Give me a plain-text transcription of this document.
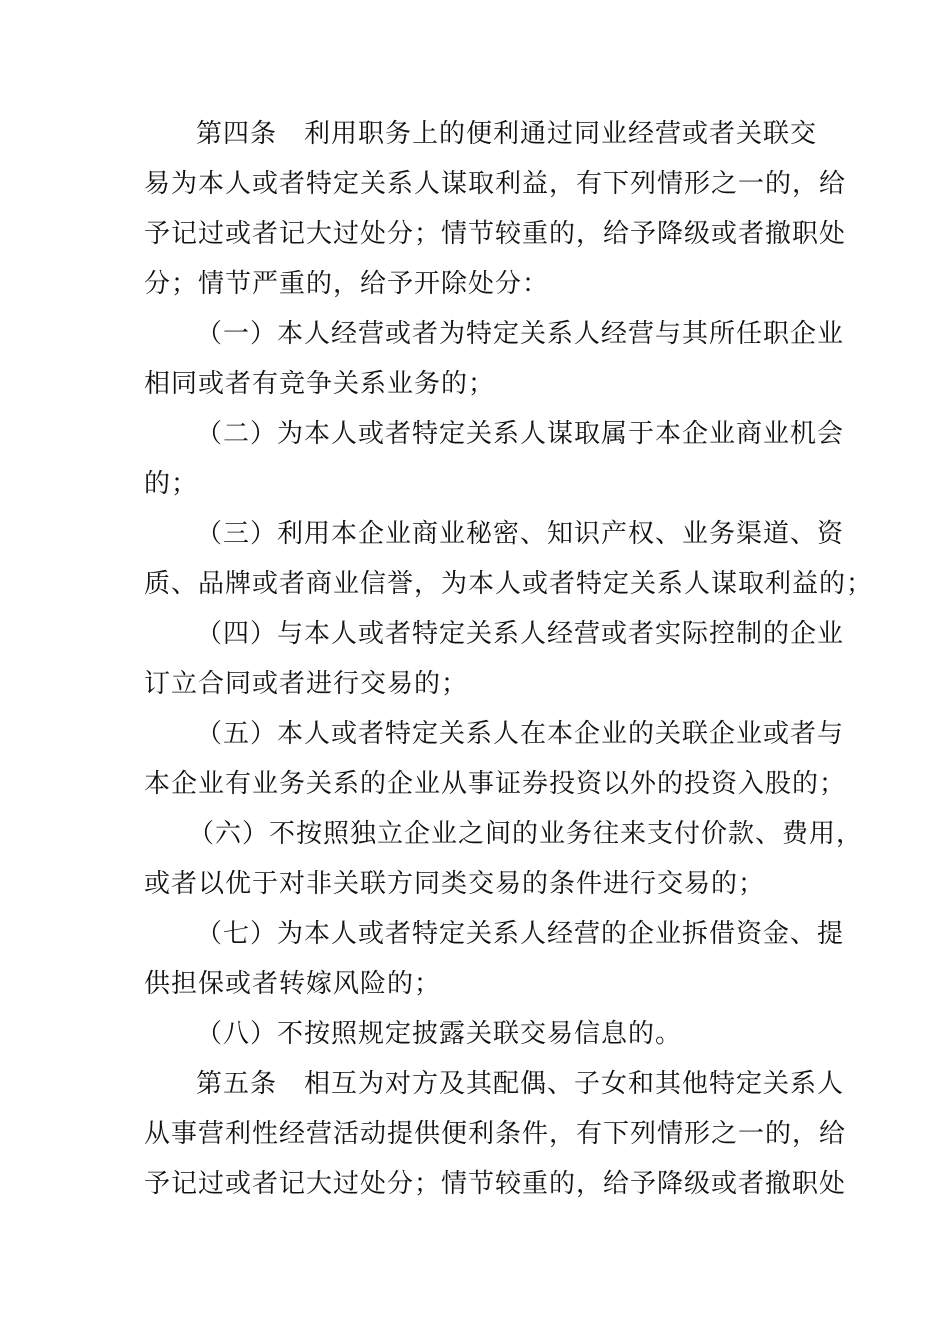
第四条　利用职务上的便利通过同业经营或者关联交
易为本人或者特定关系人谋取利益，有下列情形之一的，给
予记过或者记大过处分；情节较重的，给予降级或者撤职处
分；情节严重的，给予开除处分：
（一）本人经营或者为特定关系人经营与其所任职企业
相同或者有竞争关系业务的；
（二）为本人或者特定关系人谋取属于本企业商业机会
的；
（三）利用本企业商业秘密、知识产权、业务渠道、资
质、品牌或者商业信誉，为本人或者特定关系人谋取利益的；
（四）与本人或者特定关系人经营或者实际控制的企业
订立合同或者进行交易的；
（五）本人或者特定关系人在本企业的关联企业或者与
本企业有业务关系的企业从事证券投资以外的投资入股的；
（六）不按照独立企业之间的业务往来支付价款、费用，
或者以优于对非关联方同类交易的条件进行交易的；
（七）为本人或者特定关系人经营的企业拆借资金、提
供担保或者转嫁风险的；
（八）不按照规定披露关联交易信息的。
第五条　相互为对方及其配偶、子女和其他特定关系人
从事营利性经营活动提供便利条件，有下列情形之一的，给
予记过或者记大过处分；情节较重的，给予降级或者撤职处
